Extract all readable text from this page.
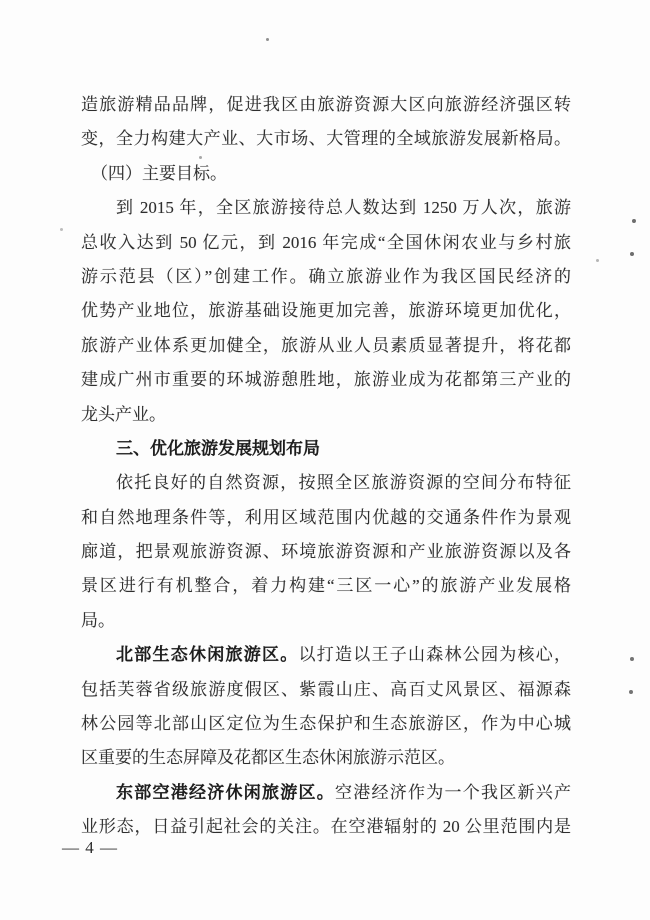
造旅游精品品牌，促进我区由旅游资源大区向旅游经济强区转
变，全力构建大产业、大市场、大管理的全域旅游发展新格局。
（四）主要目标。
到 2015 年，全区旅游接待总人数达到 1250 万人次，旅游
总收入达到 50 亿元，到 2016 年完成“全国休闲农业与乡村旅
游示范县（区）”创建工作。确立旅游业作为我区国民经济的
优势产业地位，旅游基础设施更加完善，旅游环境更加优化，
旅游产业体系更加健全，旅游从业人员素质显著提升，将花都
建成广州市重要的环城游憩胜地，旅游业成为花都第三产业的
龙头产业。
三、优化旅游发展规划布局
依托良好的自然资源，按照全区旅游资源的空间分布特征
和自然地理条件等，利用区域范围内优越的交通条件作为景观
廊道，把景观旅游资源、环境旅游资源和产业旅游资源以及各
景区进行有机整合，着力构建“三区一心”的旅游产业发展格
局。
北部生态休闲旅游区。以打造以王子山森林公园为核心，
包括芙蓉省级旅游度假区、紫霞山庄、高百丈风景区、福源森
林公园等北部山区定位为生态保护和生态旅游区，作为中心城
区重要的生态屏障及花都区生态休闲旅游示范区。
东部空港经济休闲旅游区。空港经济作为一个我区新兴产
业形态，日益引起社会的关注。在空港辐射的 20 公里范围内是
— 4 —
